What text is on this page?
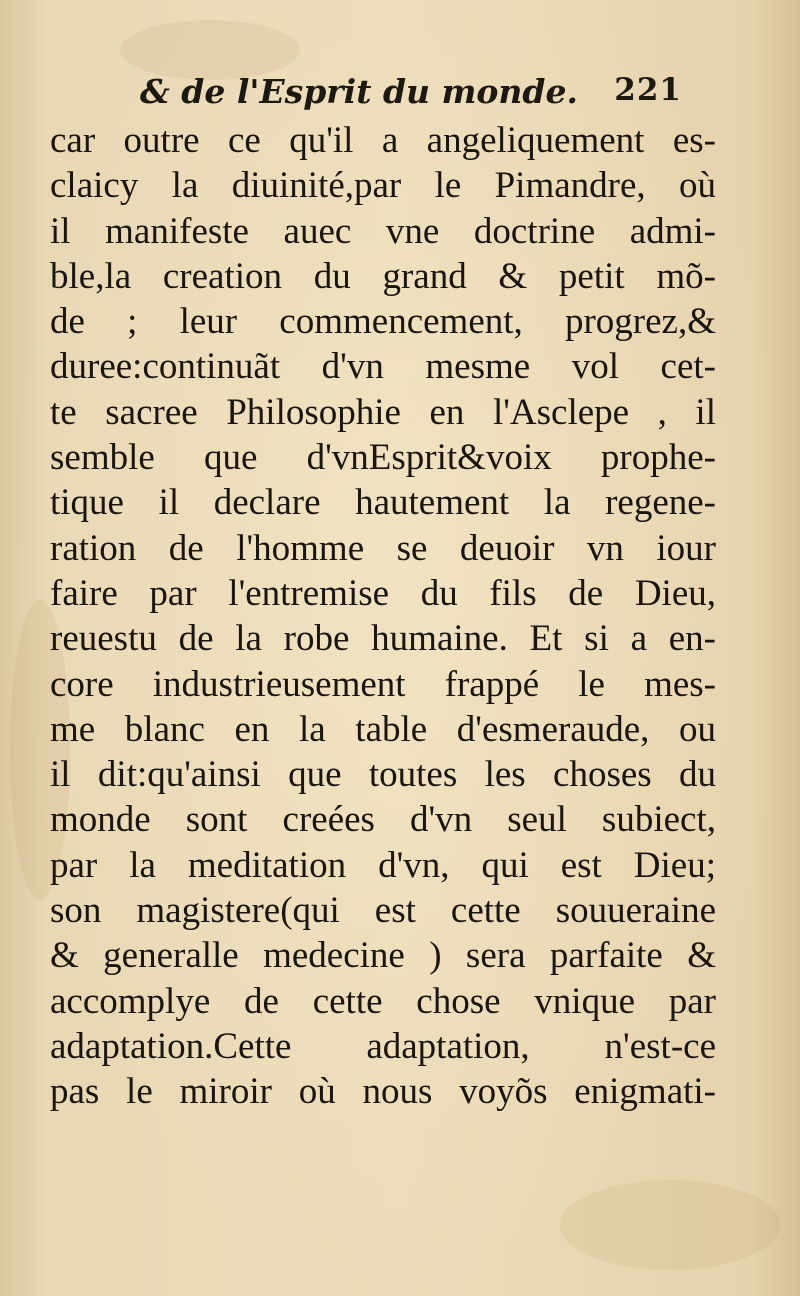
& de l'Esprit du monde. 221
car outre ce qu'il a angeliquement es-
claicy la diuinité,par le Pimandre, où
il manifeste auec vne doctrine admi-
ble,la creation du grand & petit mõ-
de ; leur commencement, progrez,&
duree:continuãt d'vn mesme vol cet-
te sacree Philosophie en l'Asclepe , il
semble que d'vnEsprit&voix prophe-
tique il declare hautement la regene-
ration de l'homme se deuoir vn iour
faire par l'entremise du fils de Dieu,
reuestu de la robe humaine. Et si a en-
core industrieusement frappé le mes-
me blanc en la table d'esmeraude, ou
il dit:qu'ainsi que toutes les choses du
monde sont creées d'vn seul subiect,
par la meditation d'vn, qui est Dieu;
son magistere(qui est cette souueraine
& generalle medecine ) sera parfaite &
accomplye de cette chose vnique par
adaptation.Cette adaptation, n'est-ce
pas le miroir où nous voyõs enigmati-
